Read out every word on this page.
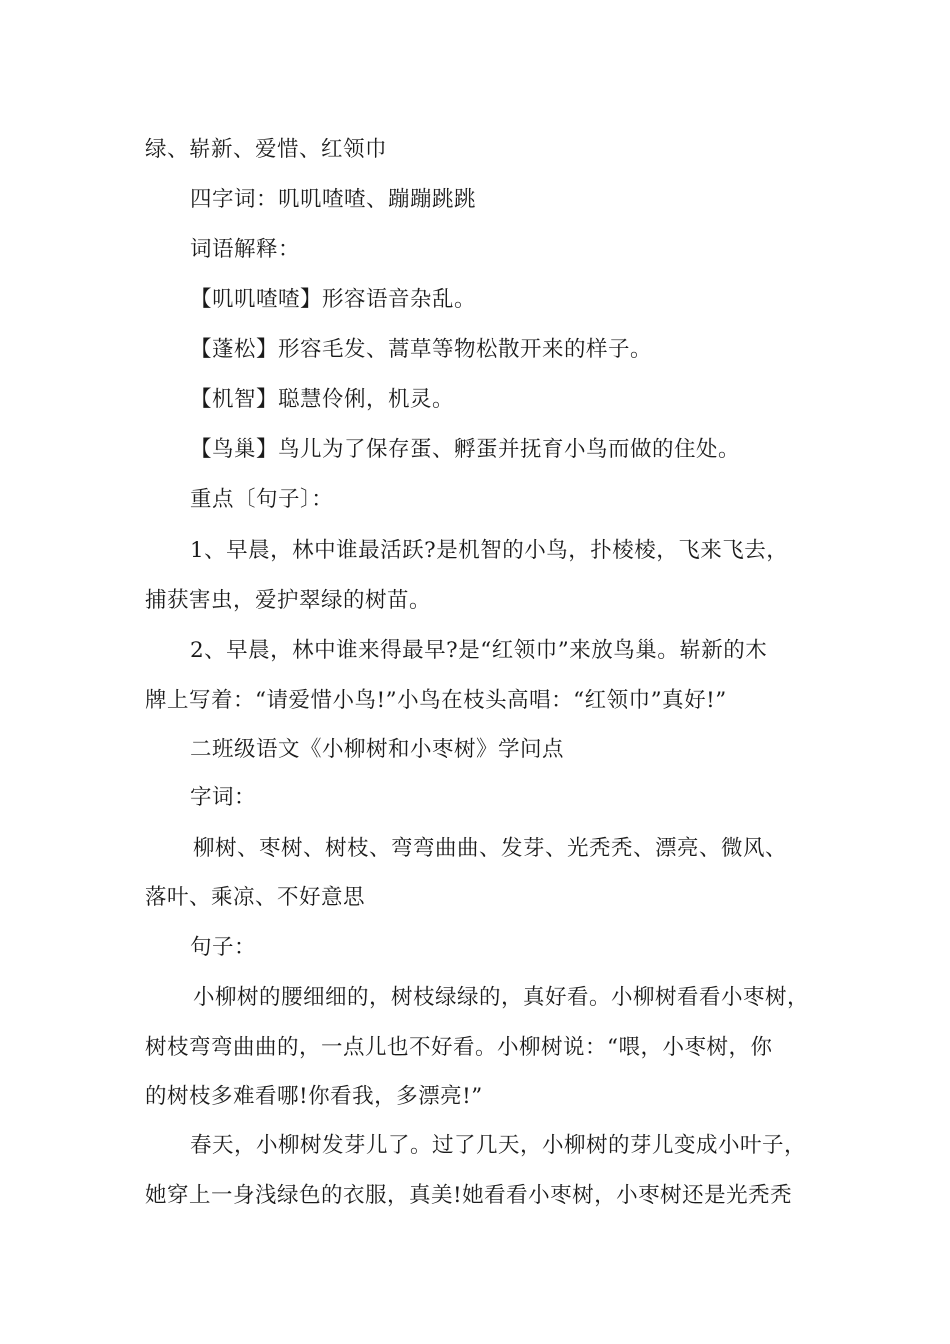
绿、崭新、爱惜、红领巾
四字词：叽叽喳喳、蹦蹦跳跳
词语解释：
【叽叽喳喳】形容语音杂乱。
【蓬松】形容毛发、蒿草等物松散开来的样子。
【机智】聪慧伶俐，机灵。
【鸟巢】鸟儿为了保存蛋、孵蛋并抚育小鸟而做的住处。
重点〔句子〕：
1、早晨，林中谁最活跃?是机智的小鸟，扑棱棱，飞来飞去，
捕获害虫，爱护翠绿的树苗。
2、早晨，林中谁来得最早?是“红领巾”来放鸟巢。崭新的木
牌上写着：“请爱惜小鸟!”小鸟在枝头高唱：“红领巾”真好!”
二班级语文《小柳树和小枣树》学问点
字词：
柳树、枣树、树枝、弯弯曲曲、发芽、光秃秃、漂亮、微风、
落叶、乘凉、不好意思
句子：
小柳树的腰细细的，树枝绿绿的，真好看。小柳树看看小枣树，
树枝弯弯曲曲的，一点儿也不好看。小柳树说：“喂，小枣树，你
的树枝多难看哪!你看我，多漂亮!”
春天，小柳树发芽儿了。过了几天，小柳树的芽儿变成小叶子，
她穿上一身浅绿色的衣服，真美!她看看小枣树，小枣树还是光秃秃
